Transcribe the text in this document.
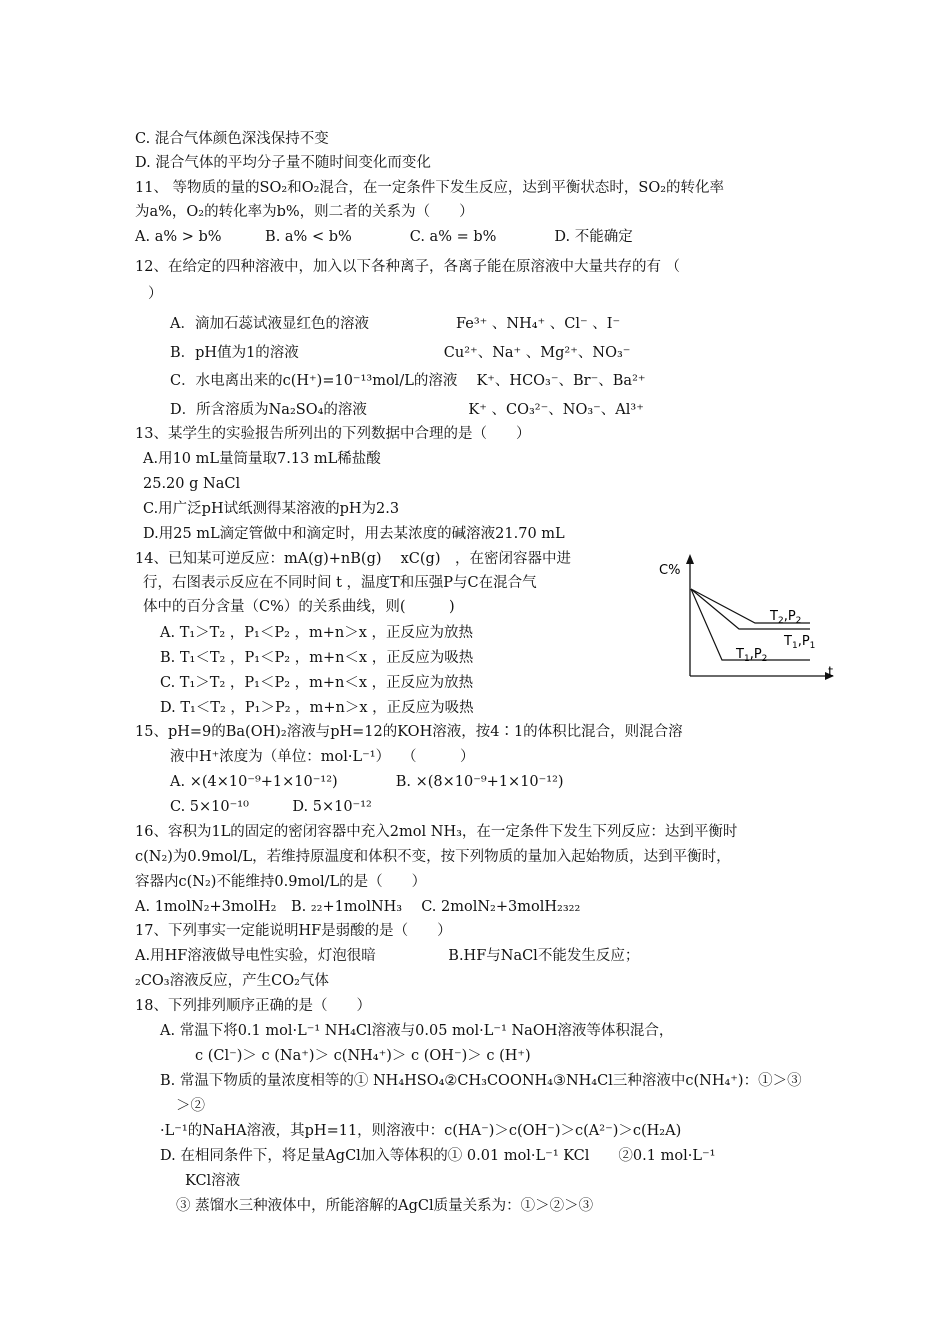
C. 混合气体颜色深浅保持不变
D. 混合气体的平均分子量不随时间变化而变化
11、 等物质的量的SO₂和O₂混合，在一定条件下发生反应，达到平衡状态时，SO₂的转化率
为a%，O₂的转化率为b%，则二者的关系为（　　）
A. a% > b%　　　B. a% < b%　　　　C. a% = b%　　　　D. 不能确定
12、在给定的四种溶液中，加入以下各种离子，各离子能在原溶液中大量共存的有 （
）
A．滴加石蕊试液显红色的溶液　　　　　　Fe³⁺ 、NH₄⁺ 、Cl⁻ 、I⁻
B．pH值为1的溶液　　　　　　　　　　Cu²⁺、Na⁺ 、Mg²⁺、NO₃⁻
C．水电离出来的c(H⁺)=10⁻¹³mol/L的溶液　 K⁺、HCO₃⁻、Br⁻、Ba²⁺
D．所含溶质为Na₂SO₄的溶液　　　　　　　K⁺ 、CO₃²⁻、NO₃⁻、Al³⁺
13、某学生的实验报告所列出的下列数据中合理的是（　　）
A.用10 mL量筒量取7.13 mL稀盐酸
25.20 g NaCl
C.用广泛pH试纸测得某溶液的pH为2.3
D.用25 mL滴定管做中和滴定时，用去某浓度的碱溶液21.70 mL
14、已知某可逆反应：mA(g)+nB(g)　 xC(g)　，在密闭容器中进
行，右图表示反应在不同时间 t ，温度T和压强P与C在混合气
体中的百分含量（C%）的关系曲线，则(　　　)
A. T₁＞T₂ ，P₁＜P₂ ，m+n＞x ，正反应为放热
B. T₁＜T₂ ，P₁＜P₂ ，m+n＜x ，正反应为吸热
C. T₁＞T₂ ，P₁＜P₂ ，m+n＜x ，正反应为放热
D. T₁＜T₂ ，P₁＞P₂ ，m+n＞x ，正反应为吸热
15、pH=9的Ba(OH)₂溶液与pH=12的KOH溶液，按4∶1的体积比混合，则混合溶
液中H⁺浓度为（单位：mol·L⁻¹）　 （　　　）
A. ×(4×10⁻⁹+1×10⁻¹²)　　　　B. ×(8×10⁻⁹+1×10⁻¹²)
C. 5×10⁻¹⁰　　　D. 5×10⁻¹²
16、容积为1L的固定的密闭容器中充入2mol NH₃，在一定条件下发生下列反应：达到平衡时
c(N₂)为0.9mol/L，若维持原温度和体积不变，按下列物质的量加入起始物质，达到平衡时，
容器内c(N₂)不能维持0.9mol/L的是（　　）
A. 1molN₂+3molH₂　B. ₂₂+1molNH₃　 C. 2molN₂+3molH₂₃₂₂
17、下列事实一定能说明HF是弱酸的是（　　）
A.用HF溶液做导电性实验，灯泡很暗　　　　　B.HF与NaCl不能发生反应；
₂CO₃溶液反应，产生CO₂气体
18、下列排列顺序正确的是（　　）
A. 常温下将0.1 mol·L⁻¹ NH₄Cl溶液与0.05 mol·L⁻¹ NaOH溶液等体积混合，
c (Cl⁻)＞ c (Na⁺)＞ c(NH₄⁺)＞ c (OH⁻)＞ c (H⁺)
B. 常温下物质的量浓度相等的① NH₄HSO₄②CH₃COONH₄③NH₄Cl三种溶液中c(NH₄⁺)：①＞③
＞②
·L⁻¹的NaHA溶液，其pH=11，则溶液中：c(HA⁻)＞c(OH⁻)＞c(A²⁻)＞c(H₂A)
D. 在相同条件下，将足量AgCl加入等体积的① 0.01 mol·L⁻¹ KCl　　②0.1 mol·L⁻¹
KCl溶液
③ 蒸馏水三种液体中，所能溶解的AgCl质量关系为：①＞②＞③
C%
t
$T_2,P_2$
$T_1,P_1$
$T_1,P_2$
